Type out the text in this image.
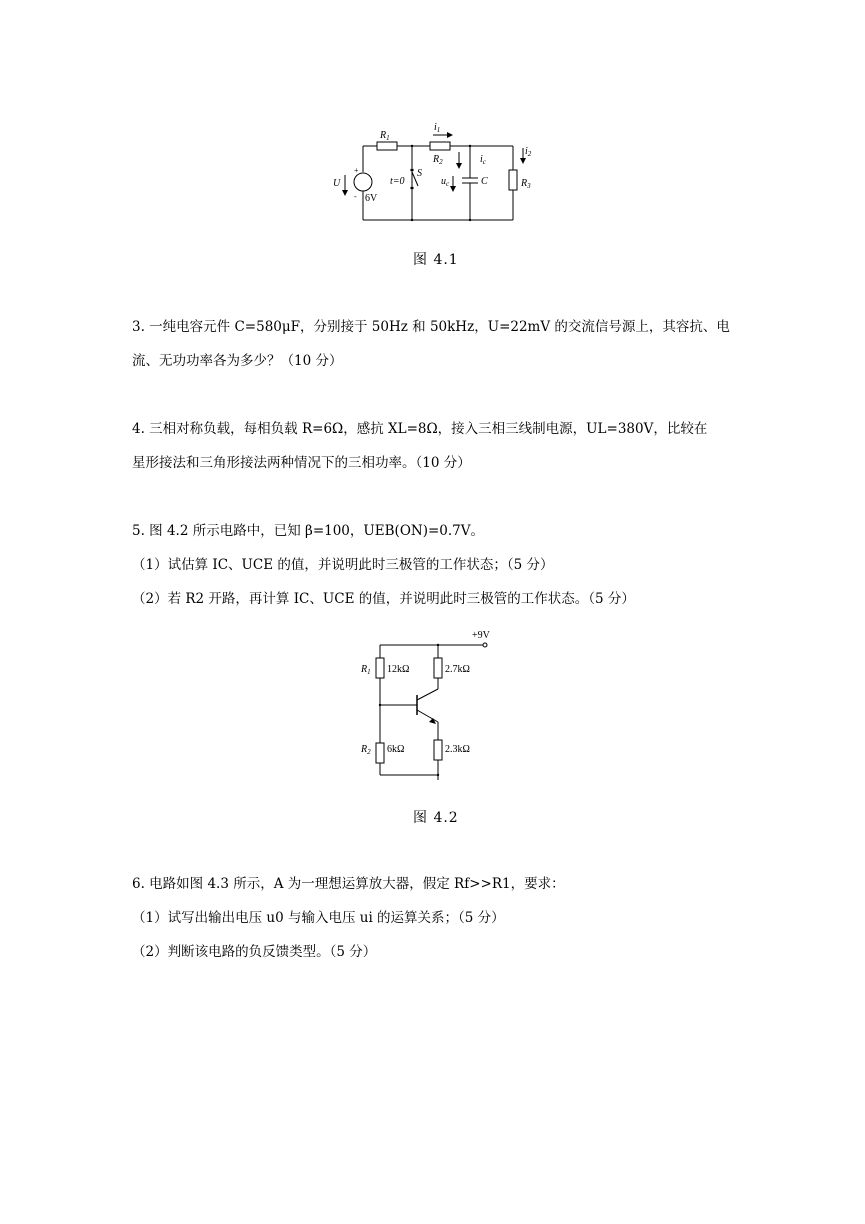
$R_1$
$i_1$
$R_2$	$i_c$
$i_2$
$R_3$
$u_c$	C
U
+
- 6V
t=0
S
图 4.1
3. 一纯电容元件 C=580μF，分别接于 50Hz 和 50kHz，U=22mV 的交流信号源上，其容抗、电
流、无功功率各为多少？（10 分）
4. 三相对称负载，每相负载 R=6Ω，感抗 XL=8Ω，接入三相三线制电源，UL=380V，比较在
星形接法和三角形接法两种情况下的三相功率。（10 分）
5. 图 4.2 所示电路中，已知 β=100，UEB(ON)=0.7V。
（1）试估算 IC、UCE 的值，并说明此时三极管的工作状态；（5 分）
（2）若 R2 开路，再计算 IC、UCE 的值，并说明此时三极管的工作状态。（5 分）
+9V
$R_1$ 12kΩ	2.7kΩ
$R_2$ 6kΩ	2.3kΩ
图 4.2
6. 电路如图 4.3 所示，A 为一理想运算放大器，假定 Rf>>R1，要求：
（1）试写出输出电压 u0 与输入电压 ui 的运算关系；（5 分）
（2）判断该电路的负反馈类型。（5 分）
